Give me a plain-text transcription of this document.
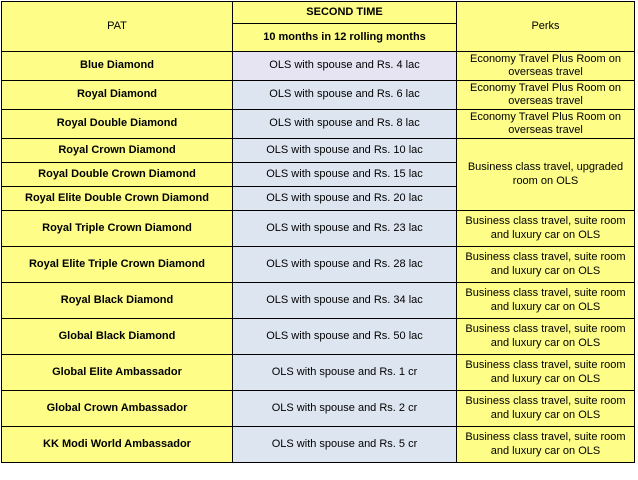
PAT	SECOND TIME	Perks
	10 months in 12 rolling months	
Blue Diamond	OLS with spouse and Rs. 4 lac	Economy Travel Plus Room on overseas travel
Royal Diamond	OLS with spouse and Rs. 6 lac	Economy Travel Plus Room on overseas travel
Royal Double Diamond	OLS with spouse and Rs. 8 lac	Economy Travel Plus Room on overseas travel
Royal Crown Diamond	OLS with spouse and Rs. 10 lac	Business class travel, upgraded room on OLS
Royal Double Crown Diamond	OLS with spouse and Rs. 15 lac	
Royal Elite Double Crown Diamond	OLS with spouse and Rs. 20 lac	
Royal Triple Crown Diamond	OLS with spouse and Rs. 23 lac	Business class travel, suite room and luxury car on OLS
Royal Elite Triple Crown Diamond	OLS with spouse and Rs. 28 lac	Business class travel, suite room and luxury car on OLS
Royal Black Diamond	OLS with spouse and Rs. 34 lac	Business class travel, suite room and luxury car on OLS
Global Black Diamond	OLS with spouse and Rs. 50 lac	Business class travel, suite room and luxury car on OLS
Global Elite Ambassador	OLS with spouse and Rs. 1 cr	Business class travel, suite room and luxury car on OLS
Global Crown Ambassador	OLS with spouse and Rs. 2 cr	Business class travel, suite room and luxury car on OLS
KK Modi World Ambassador	OLS with spouse and Rs. 5 cr	Business class travel, suite room and luxury car on OLS
